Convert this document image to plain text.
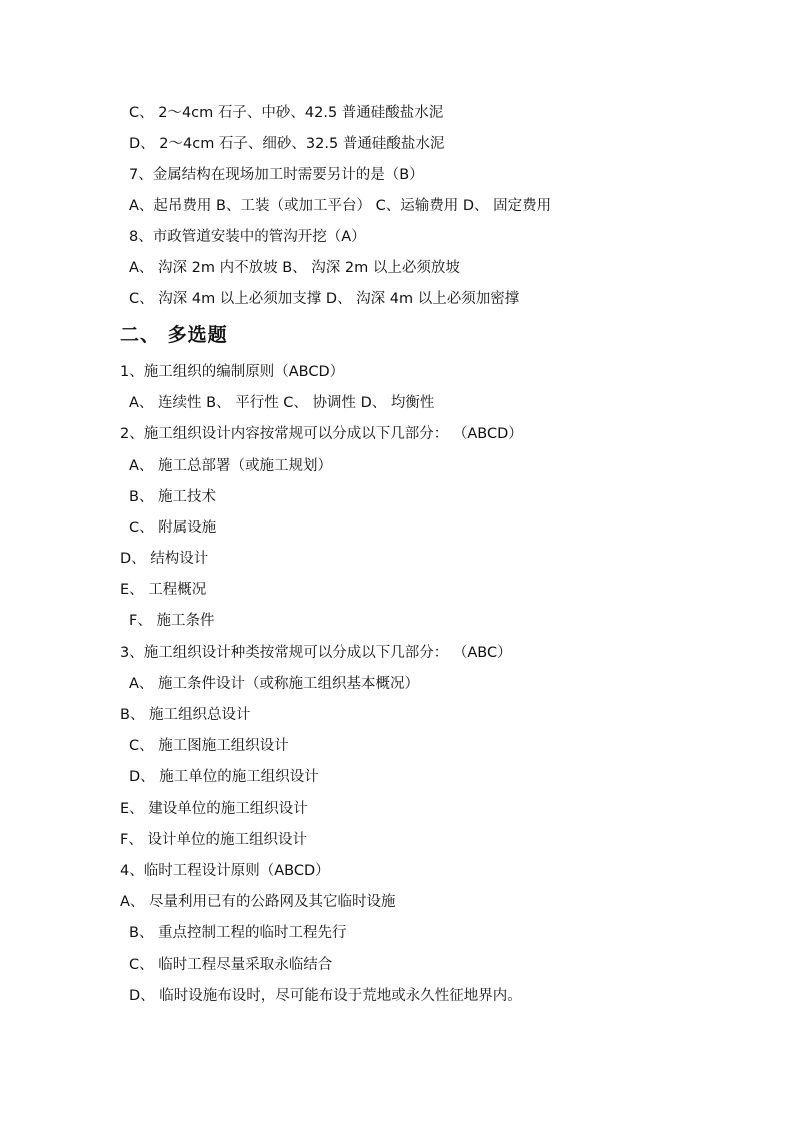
C、 2～4cm 石子、中砂、42.5 普通硅酸盐水泥
D、 2～4cm 石子、细砂、32.5 普通硅酸盐水泥
7、金属结构在现场加工时需要另计的是（B）
A、起吊费用 B、工装（或加工平台） C、运输费用 D、 固定费用
8、市政管道安装中的管沟开挖（A）
A、 沟深 2m 内不放坡 B、 沟深 2m 以上必须放坡
C、 沟深 4m 以上必须加支撑 D、 沟深 4m 以上必须加密撑
二、 多选题
1、施工组织的编制原则（ABCD）
A、 连续性 B、 平行性 C、 协调性 D、 均衡性
2、施工组织设计内容按常规可以分成以下几部分： （ABCD）
A、 施工总部署（或施工规划）
B、 施工技术
C、 附属设施
D、 结构设计
E、 工程概况
F、 施工条件
3、施工组织设计种类按常规可以分成以下几部分： （ABC）
A、 施工条件设计（或称施工组织基本概况）
B、 施工组织总设计
C、 施工图施工组织设计
D、 施工单位的施工组织设计
E、 建设单位的施工组织设计
F、 设计单位的施工组织设计
4、临时工程设计原则（ABCD）
A、 尽量利用已有的公路网及其它临时设施
B、 重点控制工程的临时工程先行
C、 临时工程尽量采取永临结合
D、 临时设施布设时，尽可能布设于荒地或永久性征地界内。
